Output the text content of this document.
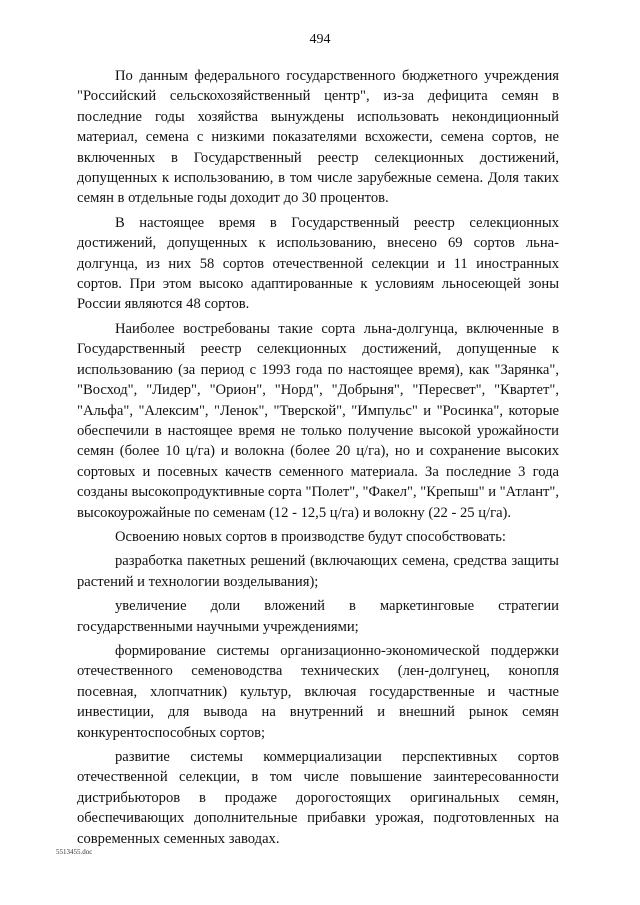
494

По данным федерального государственного бюджетного учреждения "Российский сельскохозяйственный центр", из-за дефицита семян в последние годы хозяйства вынуждены использовать некондиционный материал, семена с низкими показателями всхожести, семена сортов, не включенных в Государственный реестр селекционных достижений, допущенных к использованию, в том числе зарубежные семена. Доля таких семян в отдельные годы доходит до 30 процентов.

В настоящее время в Государственный реестр селекционных достижений, допущенных к использованию, внесено 69 сортов льна-долгунца, из них 58 сортов отечественной селекции и 11 иностранных сортов. При этом высоко адаптированные к условиям льносеющей зоны России являются 48 сортов.

Наиболее востребованы такие сорта льна-долгунца, включенные в Государственный реестр селекционных достижений, допущенные к использованию (за период с 1993 года по настоящее время), как "Зарянка", "Восход", "Лидер", "Орион", "Норд", "Добрыня", "Пересвет", "Квартет", "Альфа", "Алексим", "Ленок", "Тверской", "Импульс" и "Росинка", которые обеспечили в настоящее время не только получение высокой урожайности семян (более 10 ц/га) и волокна (более 20 ц/га), но и сохранение высоких сортовых и посевных качеств семенного материала. За последние 3 года созданы высокопродуктивные сорта "Полет", "Факел", "Крепыш" и "Атлант", высокоурожайные по семенам (12 - 12,5 ц/га) и волокну (22 - 25 ц/га).

Освоению новых сортов в производстве будут способствовать:

разработка пакетных решений (включающих семена, средства защиты растений и технологии возделывания);

увеличение доли вложений в маркетинговые стратегии государственными научными учреждениями;

формирование системы организационно-экономической поддержки отечественного семеноводства технических (лен-долгунец, конопля посевная, хлопчатник) культур, включая государственные и частные инвестиции, для вывода на внутренний и внешний рынок семян конкурентоспособных сортов;

развитие системы коммерциализации перспективных сортов отечественной селекции, в том числе повышение заинтересованности дистрибьюторов в продаже дорогостоящих оригинальных семян, обеспечивающих дополнительные прибавки урожая, подготовленных на современных семенных заводах.

5513455.doc
